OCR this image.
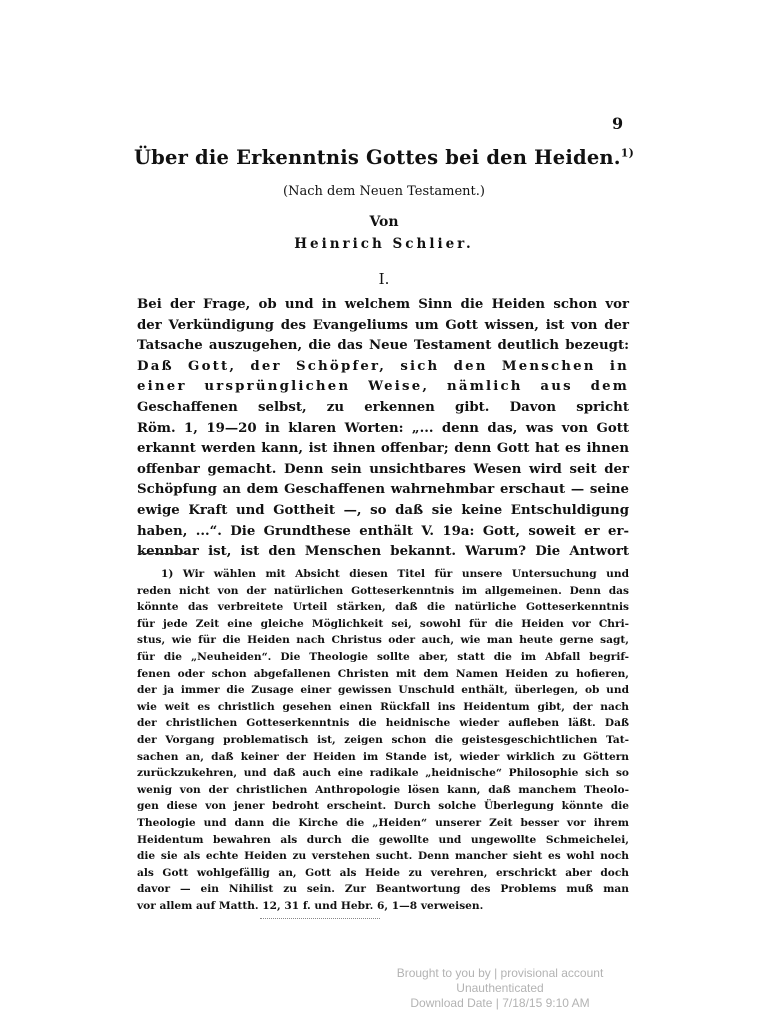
9
Über die Erkenntnis Gottes bei den Heiden.$^{1)}$
(Nach dem Neuen Testament.)
Von
Heinrich Schlier.
I.
Bei der Frage, ob und in welchem Sinn die Heiden schon vor
der Verkündigung des Evangeliums um Gott wissen, ist von der
Tatsache auszugehen, die das Neue Testament deutlich bezeugt:
Daß Gott, der Schöpfer, sich den Menschen in
einer ursprünglichen Weise, nämlich aus dem
Geschaffenen selbst, zu erkennen gibt. Davon spricht
Röm. 1, 19—20 in klaren Worten: „... denn das, was von Gott
erkannt werden kann, ist ihnen offenbar; denn Gott hat es ihnen
offenbar gemacht. Denn sein unsichtbares Wesen wird seit der
Schöpfung an dem Geschaffenen wahrnehmbar erschaut — seine
ewige Kraft und Gottheit —, so daß sie keine Entschuldigung
haben, ...“. Die Grundthese enthält V. 19a: Gott, soweit er er-
kennbar ist, ist den Menschen bekannt. Warum? Die Antwort
1) Wir wählen mit Absicht diesen Titel für unsere Untersuchung und
reden nicht von der natürlichen Gotteserkenntnis im allgemeinen. Denn das
könnte das verbreitete Urteil stärken, daß die natürliche Gotteserkenntnis
für jede Zeit eine gleiche Möglichkeit sei, sowohl für die Heiden vor Chri-
stus, wie für die Heiden nach Christus oder auch, wie man heute gerne sagt,
für die „Neuheiden“. Die Theologie sollte aber, statt die im Abfall begrif-
fenen oder schon abgefallenen Christen mit dem Namen Heiden zu hofieren,
der ja immer die Zusage einer gewissen Unschuld enthält, überlegen, ob und
wie weit es christlich gesehen einen Rückfall ins Heidentum gibt, der nach
der christlichen Gotteserkenntnis die heidnische wieder aufleben läßt. Daß
der Vorgang problematisch ist, zeigen schon die geistesgeschichtlichen Tat-
sachen an, daß keiner der Heiden im Stande ist, wieder wirklich zu Göttern
zurückzukehren, und daß auch eine radikale „heidnische“ Philosophie sich so
wenig von der christlichen Anthropologie lösen kann, daß manchem Theolo-
gen diese von jener bedroht erscheint. Durch solche Überlegung könnte die
Theologie und dann die Kirche die „Heiden“ unserer Zeit besser vor ihrem
Heidentum bewahren als durch die gewollte und ungewollte Schmeichelei,
die sie als echte Heiden zu verstehen sucht. Denn mancher sieht es wohl noch
als Gott wohlgefällig an, Gott als Heide zu verehren, erschrickt aber doch
davor — ein Nihilist zu sein. Zur Beantwortung des Problems muß man
vor allem auf Matth. 12, 31 f. und Hebr. 6, 1—8 verweisen.
Brought to you by | provisional account
Unauthenticated
Download Date | 7/18/15 9:10 AM
